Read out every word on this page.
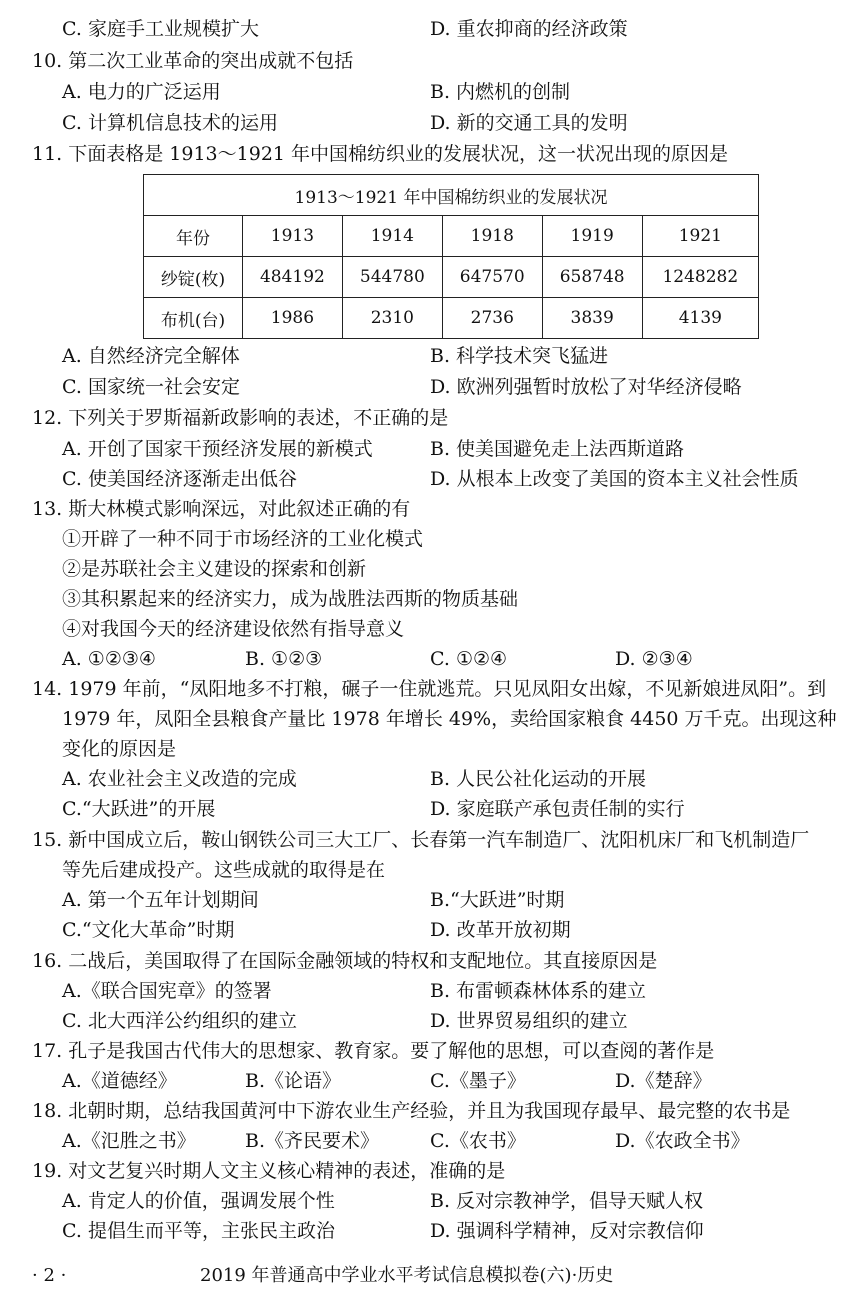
C. 家庭手工业规模扩大	D. 重农抑商的经济政策
10. 第二次工业革命的突出成就不包括
A. 电力的广泛运用	B. 内燃机的创制
C. 计算机信息技术的运用	D. 新的交通工具的发明
11. 下面表格是 1913～1921 年中国棉纺织业的发展状况，这一状况出现的原因是
1913～1921 年中国棉纺织业的发展状况					
年份	1913	1914	1918	1919	1921
纱锭(枚)	484192	544780	647570	658748	1248282
布机(台)	1986	2310	2736	3839	4139
A. 自然经济完全解体	B. 科学技术突飞猛进
C. 国家统一社会安定	D. 欧洲列强暂时放松了对华经济侵略
12. 下列关于罗斯福新政影响的表述，不正确的是
A. 开创了国家干预经济发展的新模式	B. 使美国避免走上法西斯道路
C. 使美国经济逐渐走出低谷	D. 从根本上改变了美国的资本主义社会性质
13. 斯大林模式影响深远，对此叙述正确的有
①开辟了一种不同于市场经济的工业化模式
②是苏联社会主义建设的探索和创新
③其积累起来的经济实力，成为战胜法西斯的物质基础
④对我国今天的经济建设依然有指导意义
A. ①②③④	B. ①②③	C. ①②④	D. ②③④
14. 1979 年前，“凤阳地多不打粮，碾子一住就逃荒。只见凤阳女出嫁，不见新娘进凤阳”。到
1979 年，凤阳全县粮食产量比 1978 年增长 49%，卖给国家粮食 4450 万千克。出现这种
变化的原因是
A. 农业社会主义改造的完成	B. 人民公社化运动的开展
C.“大跃进”的开展	D. 家庭联产承包责任制的实行
15. 新中国成立后，鞍山钢铁公司三大工厂、长春第一汽车制造厂、沈阳机床厂和飞机制造厂
等先后建成投产。这些成就的取得是在
A. 第一个五年计划期间	B.“大跃进”时期
C.“文化大革命”时期	D. 改革开放初期
16. 二战后，美国取得了在国际金融领域的特权和支配地位。其直接原因是
A.《联合国宪章》的签署	B. 布雷顿森林体系的建立
C. 北大西洋公约组织的建立	D. 世界贸易组织的建立
17. 孔子是我国古代伟大的思想家、教育家。要了解他的思想，可以查阅的著作是
A.《道德经》	B.《论语》	C.《墨子》	D.《楚辞》
18. 北朝时期，总结我国黄河中下游农业生产经验，并且为我国现存最早、最完整的农书是
A.《氾胜之书》	B.《齐民要术》	C.《农书》	D.《农政全书》
19. 对文艺复兴时期人文主义核心精神的表述，准确的是
A. 肯定人的价值，强调发展个性	B. 反对宗教神学，倡导天赋人权
C. 提倡生而平等，主张民主政治	D. 强调科学精神，反对宗教信仰
· 2 ·	2019 年普通高中学业水平考试信息模拟卷(六)·历史
